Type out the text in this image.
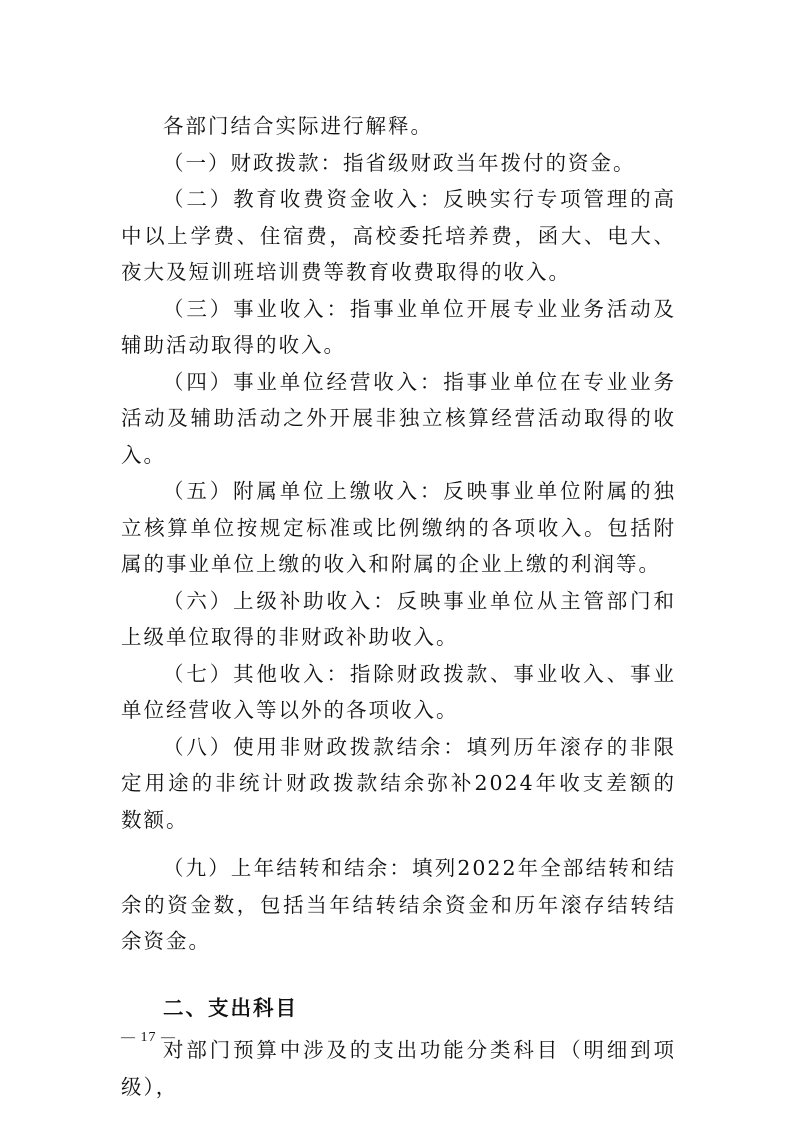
各部门结合实际进行解释。

（一）财政拨款：指省级财政当年拨付的资金。

（二）教育收费资金收入：反映实行专项管理的高中以上学费、住宿费，高校委托培养费，函大、电大、夜大及短训班培训费等教育收费取得的收入。

（三）事业收入：指事业单位开展专业业务活动及辅助活动取得的收入。

（四）事业单位经营收入：指事业单位在专业业务活动及辅助活动之外开展非独立核算经营活动取得的收入。

（五）附属单位上缴收入：反映事业单位附属的独立核算单位按规定标准或比例缴纳的各项收入。包括附属的事业单位上缴的收入和附属的企业上缴的利润等。

（六）上级补助收入：反映事业单位从主管部门和上级单位取得的非财政补助收入。

（七）其他收入：指除财政拨款、事业收入、事业单位经营收入等以外的各项收入。

（八）使用非财政拨款结余：填列历年滚存的非限定用途的非统计财政拨款结余弥补2024年收支差额的数额。

（九）上年结转和结余：填列2022年全部结转和结余的资金数，包括当年结转结余资金和历年滚存结转结余资金。

二、支出科目

对部门预算中涉及的支出功能分类科目（明细到项级），

— 17 —
